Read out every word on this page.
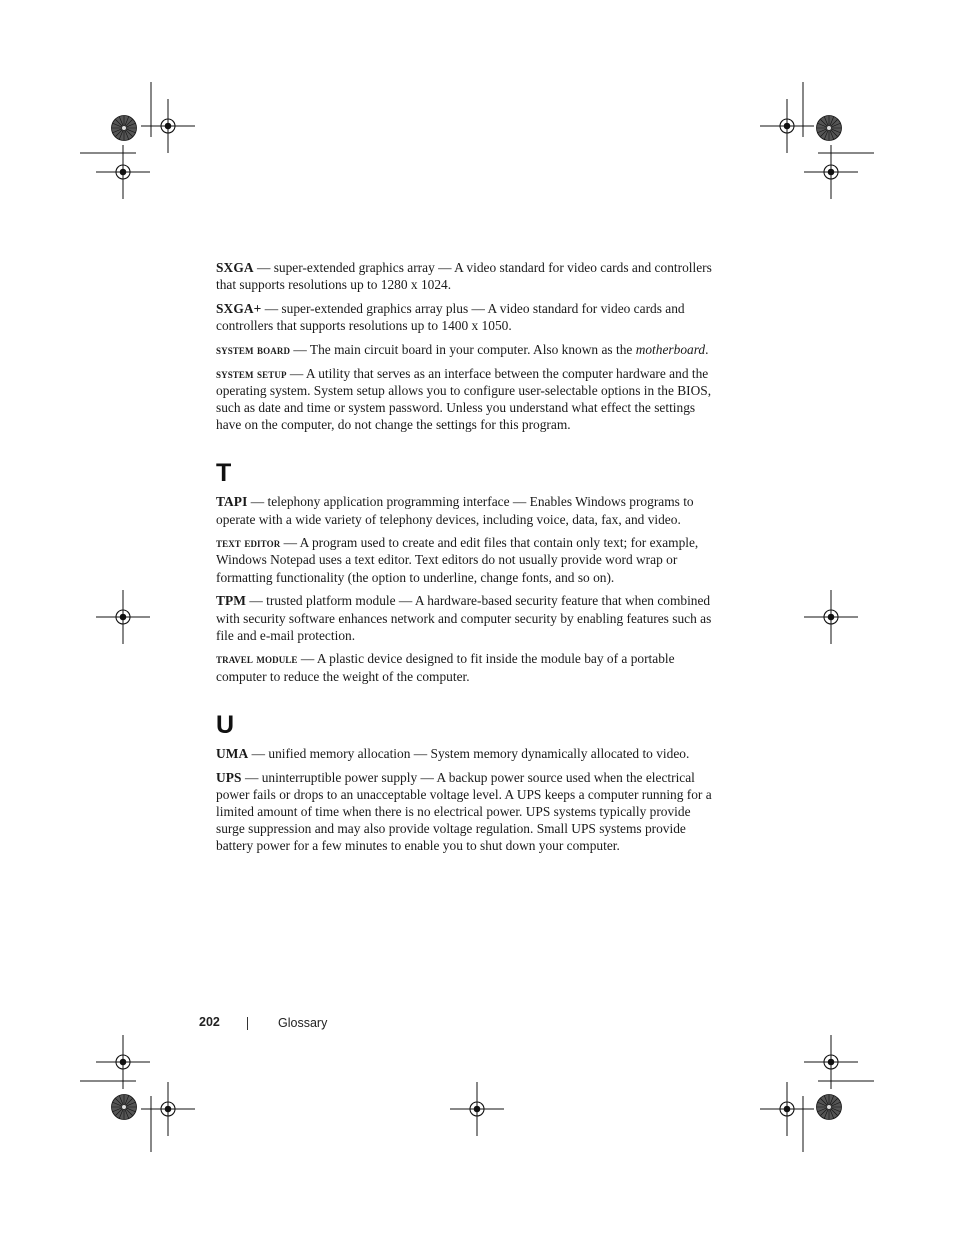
SXGA — super-extended graphics array — A video standard for video cards and controllers that supports resolutions up to 1280 x 1024.

SXGA+ — super-extended graphics array plus — A video standard for video cards and controllers that supports resolutions up to 1400 x 1050.

system board — The main circuit board in your computer. Also known as the motherboard.

system setup — A utility that serves as an interface between the computer hardware and the operating system. System setup allows you to configure user-selectable options in the BIOS, such as date and time or system password. Unless you understand what effect the settings have on the computer, do not change the settings for this program.

T

TAPI — telephony application programming interface — Enables Windows programs to operate with a wide variety of telephony devices, including voice, data, fax, and video.

text editor — A program used to create and edit files that contain only text; for example, Windows Notepad uses a text editor. Text editors do not usually provide word wrap or formatting functionality (the option to underline, change fonts, and so on).

TPM — trusted platform module — A hardware-based security feature that when combined with security software enhances network and computer security by enabling features such as file and e-mail protection.

travel module — A plastic device designed to fit inside the module bay of a portable computer to reduce the weight of the computer.

U

UMA — unified memory allocation — System memory dynamically allocated to video.

UPS — uninterruptible power supply — A backup power source used when the electrical power fails or drops to an unacceptable voltage level. A UPS keeps a computer running for a limited amount of time when there is no electrical power. UPS systems typically provide surge suppression and may also provide voltage regulation. Small UPS systems provide battery power for a few minutes to enable you to shut down your computer.

202	Glossary
